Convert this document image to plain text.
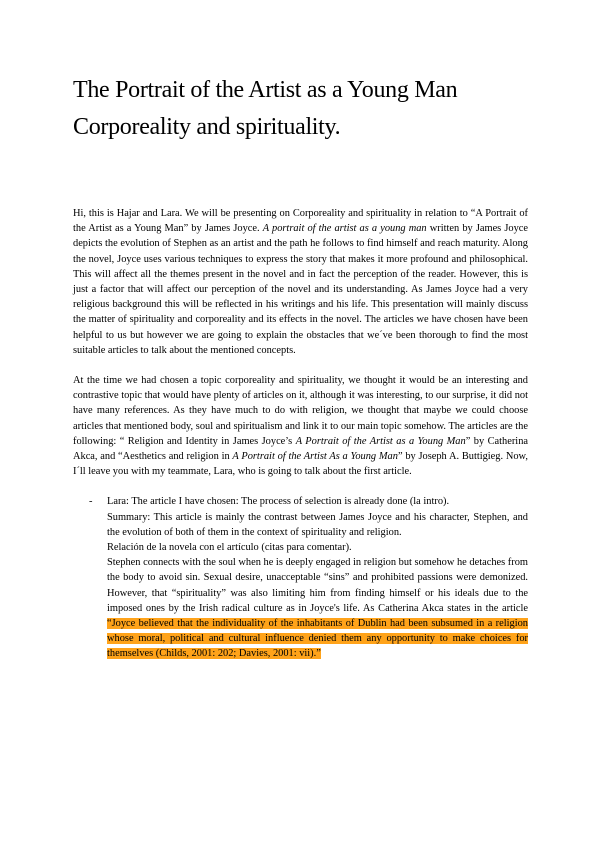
The Portrait of the Artist as a Young Man
Corporeality and spirituality.

Hi, this is Hajar and Lara. We will be presenting on Corporeality and spirituality in relation to “A Portrait of the Artist as a Young Man” by James Joyce. A portrait of the artist as a young man written by James Joyce depicts the evolution of Stephen as an artist and the path he follows to find himself and reach maturity. Along the novel, Joyce uses various techniques to express the story that makes it more profound and philosophical. This will affect all the themes present in the novel and in fact the perception of the reader. However, this is just a factor that will affect our perception of the novel and its understanding. As James Joyce had a very religious background this will be reflected in his writings and his life. This presentation will mainly discuss the matter of spirituality and corporeality and its effects in the novel. The articles we have chosen have been helpful to us but however we are going to explain the obstacles that we´ve been thorough to find the most suitable articles to talk about the mentioned concepts.

At the time we had chosen a topic corporeality and spirituality, we thought it would be an interesting and contrastive topic that would have plenty of articles on it, although it was interesting, to our surprise, it did not have many references. As they have much to do with religion, we thought that maybe we could choose articles that mentioned body, soul and spiritualism and link it to our main topic somehow. The articles are the following: “ Religion and Identity in James Joyce’s A Portrait of the Artist as a Young Man” by Catherina Akca, and “Aesthetics and religion in A Portrait of the Artist As a Young Man” by Joseph A. Buttigieg. Now, I´ll leave you with my teammate, Lara, who is going to talk about the first article.

- Lara: The article I have chosen: The process of selection is already done (la intro).
Summary: This article is mainly the contrast between James Joyce and his character, Stephen, and the evolution of both of them in the context of spirituality and religion.
Relación de la novela con el artículo (citas para comentar).
Stephen connects with the soul when he is deeply engaged in religion but somehow he detaches from the body to avoid sin. Sexual desire, unacceptable “sins” and prohibited passions were demonized. However, that “spirituality” was also limiting him from finding himself or his ideals due to the imposed ones by the Irish radical culture as in Joyce's life. As Catherina Akca states in the article “Joyce believed that the individuality of the inhabitants of Dublin had been subsumed in a religion whose moral, political and cultural influence denied them any opportunity to make choices for themselves (Childs, 2001: 202; Davies, 2001: vii).”
